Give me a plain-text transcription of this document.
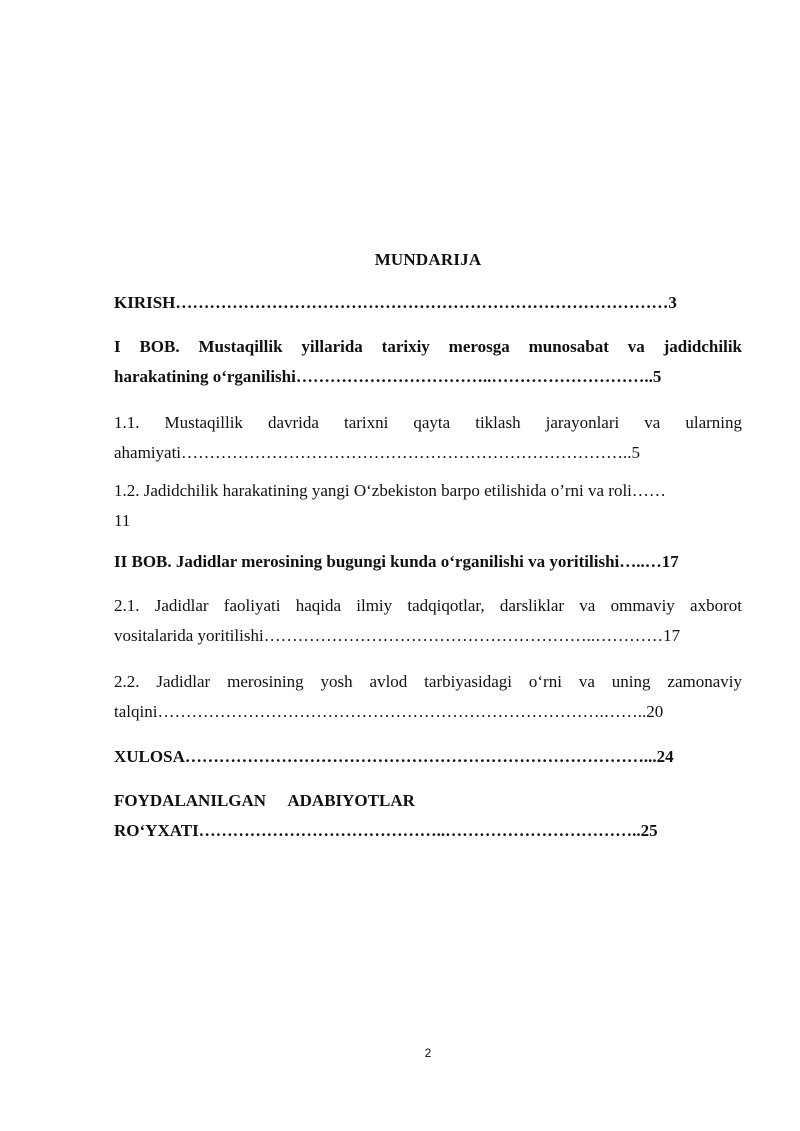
MUNDARIJA
KIRISH……………………………………………………………………………3
I BOB. Mustaqillik yillarida tarixiy merosga munosabat va jadidchilik
harakatining o‘rganilishi……………………………..………………………..5
1.1. Mustaqillik davrida tarixni qayta tiklash jarayonlari va ularning
ahamiyati……………………………………………………………………..5
1.2. Jadidchilik harakatining yangi O‘zbekiston barpo etilishida o’rni va roli……
11
II BOB. Jadidlar merosining bugungi kunda o‘rganilishi va yoritilishi…..…17
2.1. Jadidlar faoliyati haqida ilmiy tadqiqotlar, darsliklar va ommaviy axborot
vositalarida yoritilishi…………………………………………………..…………17
2.2. Jadidlar merosining yosh avlod tarbiyasidagi o‘rni va uning zamonaviy
talqini…………………………………………………………………….……..20
XULOSA………………………………………………………………………...24
FOYDALANILGAN ADABIYOTLAR
RO‘YXATI……………………………………..……………………………..25
2
